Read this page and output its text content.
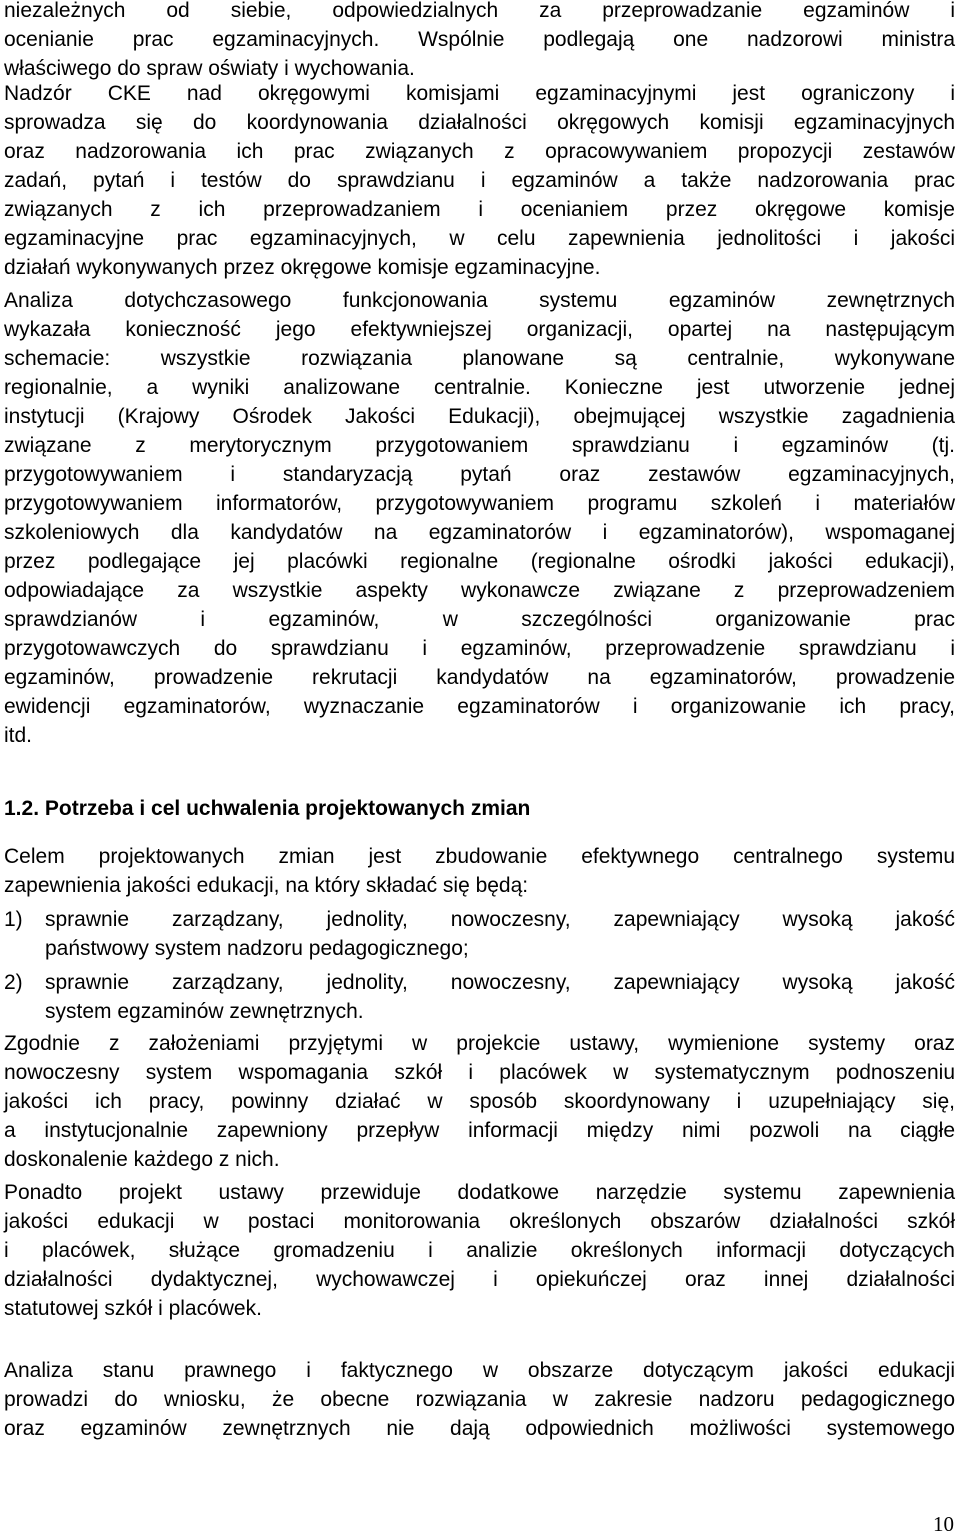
niezależnych od siebie, odpowiedzialnych za przeprowadzanie egzaminów i
ocenianie prac egzaminacyjnych. Wspólnie podlegają one nadzorowi ministra
właściwego do spraw oświaty i wychowania.
Nadzór CKE nad okręgowymi komisjami egzaminacyjnymi jest ograniczony i
sprowadza się do koordynowania działalności okręgowych komisji egzaminacyjnych
oraz nadzorowania ich prac związanych z opracowywaniem propozycji zestawów
zadań, pytań i testów do sprawdzianu i egzaminów a także nadzorowania prac
związanych z ich przeprowadzaniem i ocenianiem przez okręgowe komisje
egzaminacyjne prac egzaminacyjnych, w celu zapewnienia jednolitości i jakości
działań wykonywanych przez okręgowe komisje egzaminacyjne.
Analiza dotychczasowego funkcjonowania systemu egzaminów zewnętrznych
wykazała konieczność jego efektywniejszej organizacji, opartej na następującym
schemacie: wszystkie rozwiązania planowane są centralnie, wykonywane
regionalnie, a wyniki analizowane centralnie. Konieczne jest utworzenie jednej
instytucji (Krajowy Ośrodek Jakości Edukacji), obejmującej wszystkie zagadnienia
związane z merytorycznym przygotowaniem sprawdzianu i egzaminów (tj.
przygotowywaniem i standaryzacją pytań oraz zestawów egzaminacyjnych,
przygotowywaniem informatorów, przygotowywaniem programu szkoleń i materiałów
szkoleniowych dla kandydatów na egzaminatorów i egzaminatorów), wspomaganej
przez podlegające jej placówki regionalne (regionalne ośrodki jakości edukacji),
odpowiadające za wszystkie aspekty wykonawcze związane z przeprowadzeniem
sprawdzianów i egzaminów, w szczególności organizowanie prac
przygotowawczych do sprawdzianu i egzaminów, przeprowadzenie sprawdzianu i
egzaminów, prowadzenie rekrutacji kandydatów na egzaminatorów, prowadzenie
ewidencji egzaminatorów, wyznaczanie egzaminatorów i organizowanie ich pracy,
itd.
1.2. Potrzeba i cel uchwalenia projektowanych zmian
Celem projektowanych zmian jest zbudowanie efektywnego centralnego systemu
zapewnienia jakości edukacji, na który składać się będą:
1)	sprawnie zarządzany, jednolity, nowoczesny, zapewniający wysoką jakość
państwowy system nadzoru pedagogicznego;
2)	sprawnie zarządzany, jednolity, nowoczesny, zapewniający wysoką jakość
system egzaminów zewnętrznych.
Zgodnie z założeniami przyjętymi w projekcie ustawy, wymienione systemy oraz
nowoczesny system wspomagania szkół i placówek w systematycznym podnoszeniu
jakości ich pracy, powinny działać w sposób skoordynowany i uzupełniający się,
a instytucjonalnie zapewniony przepływ informacji między nimi pozwoli na ciągłe
doskonalenie każdego z nich.
Ponadto projekt ustawy przewiduje dodatkowe narzędzie systemu zapewnienia
jakości edukacji w postaci monitorowania określonych obszarów działalności szkół
i placówek, służące gromadzeniu i analizie określonych informacji dotyczących
działalności dydaktycznej, wychowawczej i opiekuńczej oraz innej działalności
statutowej szkół i placówek.
Analiza stanu prawnego i faktycznego w obszarze dotyczącym jakości edukacji
prowadzi do wniosku, że obecne rozwiązania w zakresie nadzoru pedagogicznego
oraz egzaminów zewnętrznych nie dają odpowiednich możliwości systemowego
10
